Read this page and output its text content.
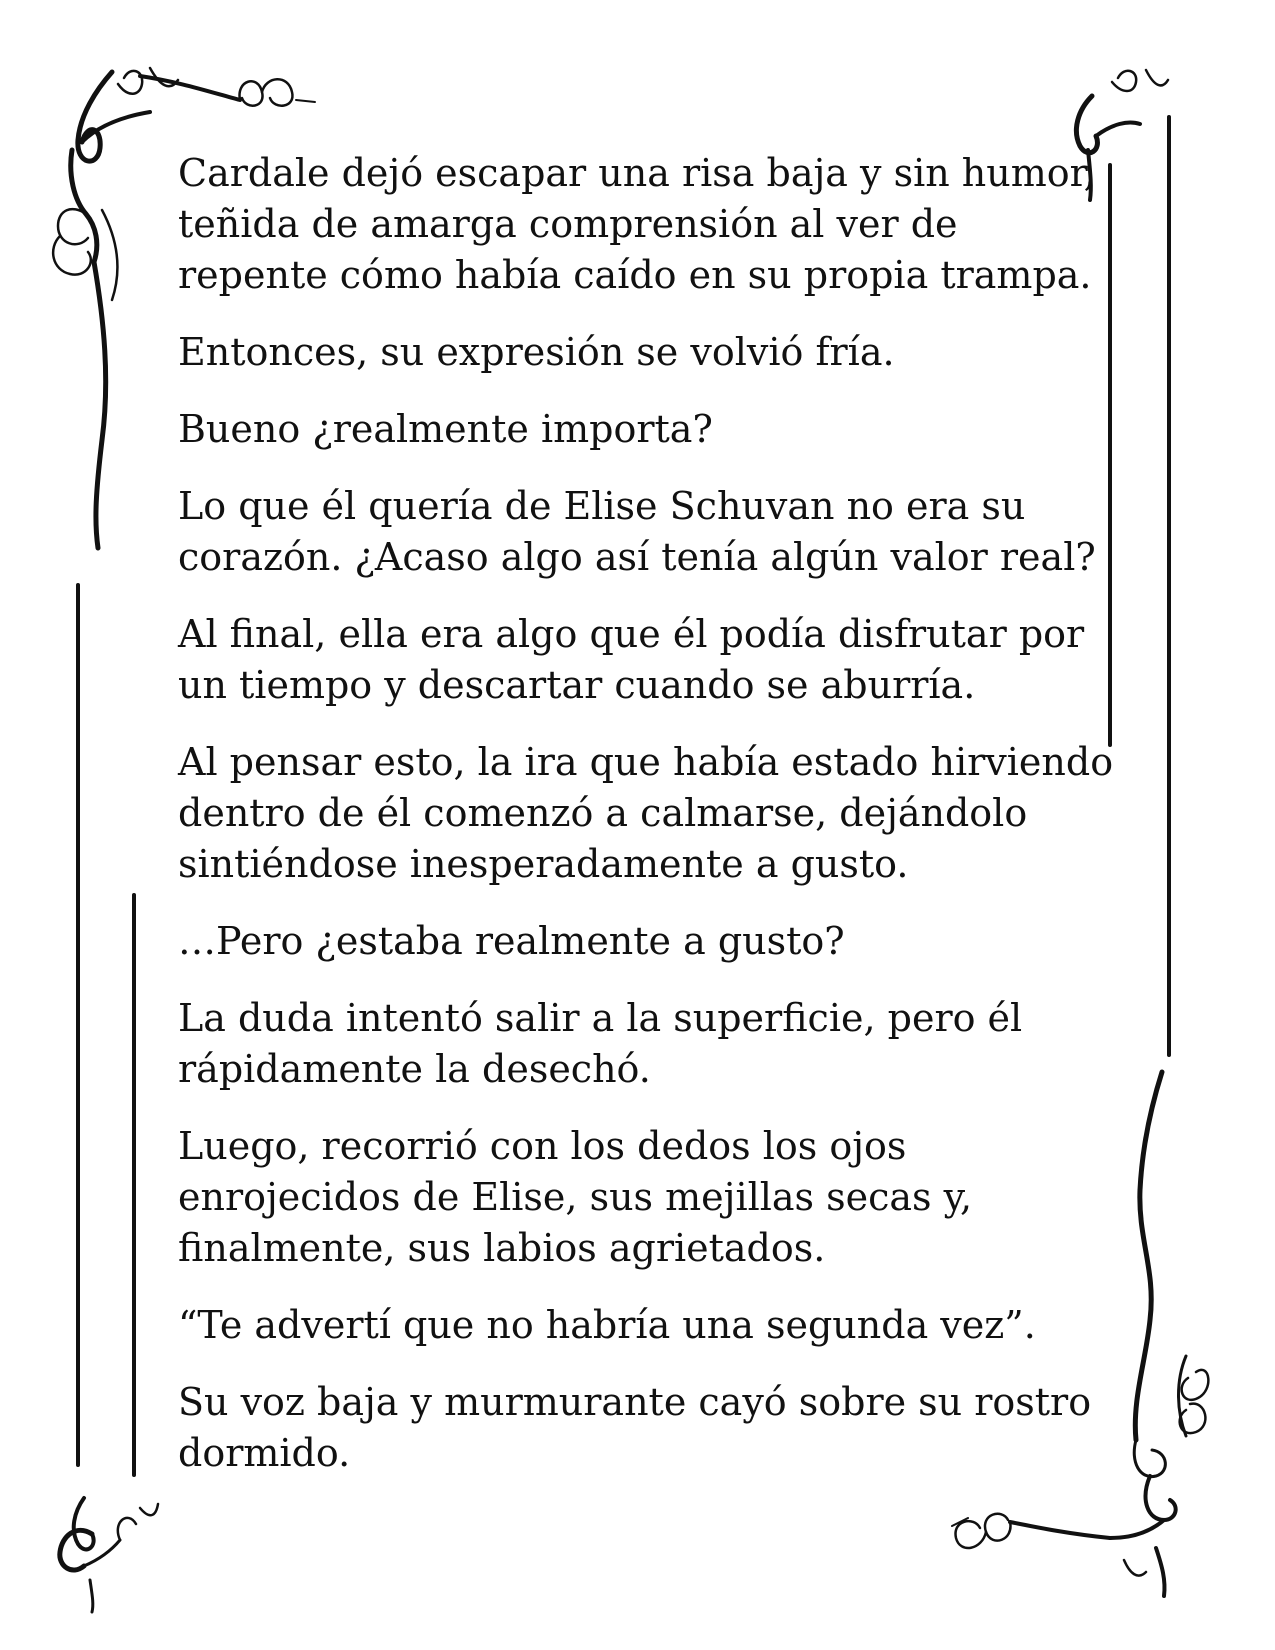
Cardale dejó escapar una risa baja y sin humor, teñida de amarga comprensión al ver de repente cómo había caído en su propia trampa.

Entonces, su expresión se volvió fría.

Bueno ¿realmente importa?

Lo que él quería de Elise Schuvan no era su corazón. ¿Acaso algo así tenía algún valor real?

Al final, ella era algo que él podía disfrutar por un tiempo y descartar cuando se aburría.

Al pensar esto, la ira que había estado hirviendo dentro de él comenzó a calmarse, dejándolo sintiéndose inesperadamente a gusto.

…Pero ¿estaba realmente a gusto?

La duda intentó salir a la superficie, pero él rápidamente la desechó.

Luego, recorrió con los dedos los ojos enrojecidos de Elise, sus mejillas secas y, finalmente, sus labios agrietados.

“Te advertí que no habría una segunda vez”.

Su voz baja y murmurante cayó sobre su rostro dormido.
